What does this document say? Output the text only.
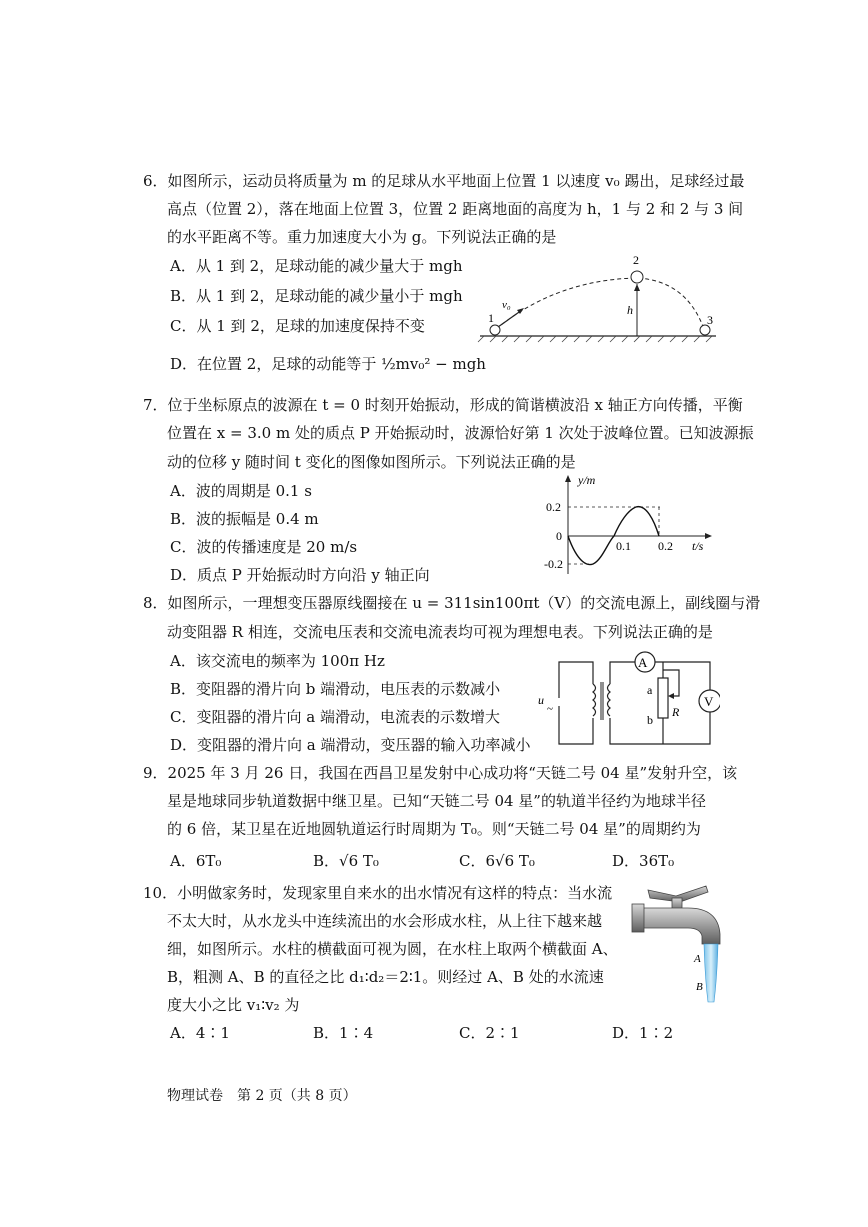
6．如图所示，运动员将质量为 m 的足球从水平地面上位置 1 以速度 v₀ 踢出，足球经过最
高点（位置 2），落在地面上位置 3，位置 2 距离地面的高度为 h，1 与 2 和 2 与 3 间
的水平距离不等。重力加速度大小为 g。下列说法正确的是
A．从 1 到 2，足球动能的减少量大于 mgh
B．从 1 到 2，足球动能的减少量小于 mgh
C．从 1 到 2，足球的加速度保持不变
D．在位置 2，足球的动能等于 ½mv₀² − mgh
1
2
3
v₀	h
7．位于坐标原点的波源在 t = 0 时刻开始振动，形成的简谐横波沿 x 轴正方向传播，平衡
位置在 x = 3.0 m 处的质点 P 开始振动时，波源恰好第 1 次处于波峰位置。已知波源振
动的位移 y 随时间 t 变化的图像如图所示。下列说法正确的是
A．波的周期是 0.1 s
B．波的振幅是 0.4 m
C．波的传播速度是 20 m/s
D．质点 P 开始振动时方向沿 y 轴正向
y/m
t/s
0.2
-0.2
0
0.1 0.2
8．如图所示，一理想变压器原线圈接在 u = 311sin100πt（V）的交流电源上，副线圈与滑
动变阻器 R 相连，交流电压表和交流电流表均可视为理想电表。下列说法正确的是
A．该交流电的频率为 100π Hz
B．变阻器的滑片向 b 端滑动，电压表的示数减小
C．变阻器的滑片向 a 端滑动，电流表的示数增大
D．变阻器的滑片向 a 端滑动，变压器的输入功率减小
A
V
u
~
a
b
R
9．2025 年 3 月 26 日，我国在西昌卫星发射中心成功将“天链二号 04 星”发射升空，该
星是地球同步轨道数据中继卫星。已知“天链二号 04 星”的轨道半径约为地球半径
的 6 倍，某卫星在近地圆轨道运行时周期为 T₀。则“天链二号 04 星”的周期约为
A．6T₀	B．√6 T₀	C．6√6 T₀	D．36T₀
10．小明做家务时，发现家里自来水的出水情况有这样的特点：当水流
不太大时，从水龙头中连续流出的水会形成水柱，从上往下越来越
细，如图所示。水柱的横截面可视为圆，在水柱上取两个横截面 A、
B，粗测 A、B 的直径之比 d₁∶d₂＝2∶1。则经过 A、B 处的水流速
度大小之比 v₁∶v₂ 为
A．4∶1	B．1∶4	C．2∶1	D．1∶2
A
B
物理试卷　第 2 页（共 8 页）
